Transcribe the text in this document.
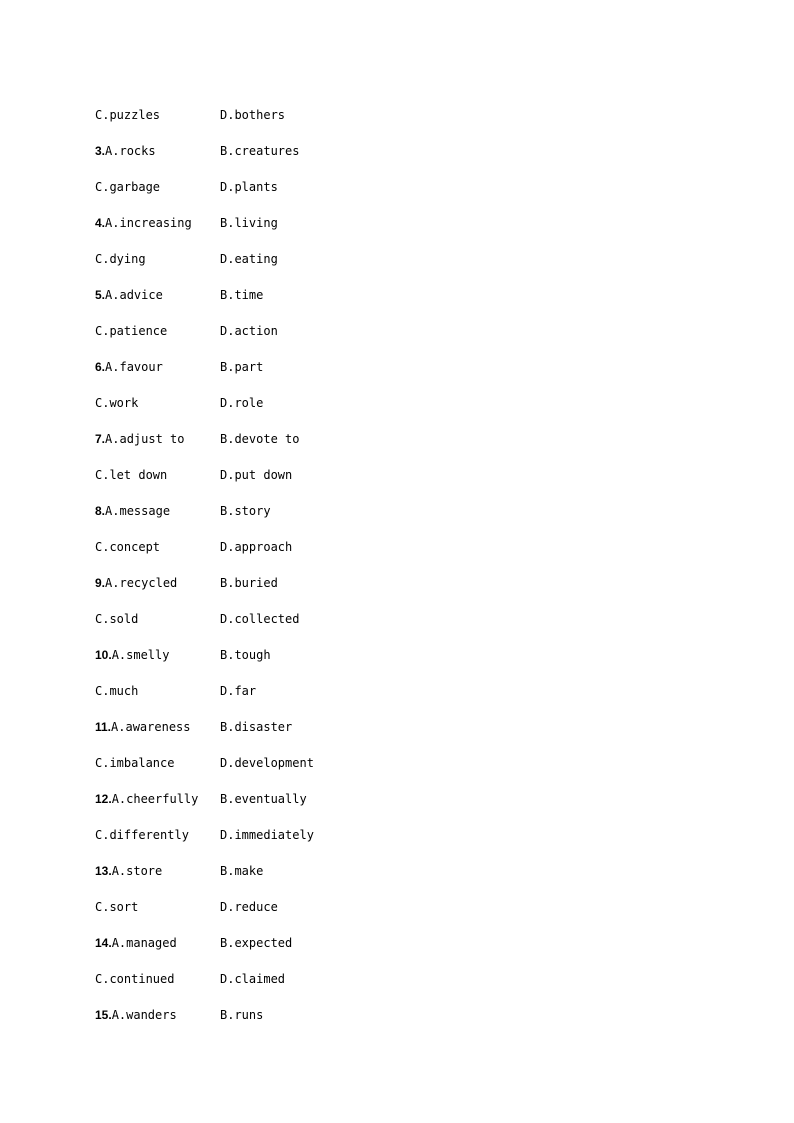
C.puzzles	D.bothers
3.A.rocks	B.creatures
C.garbage	D.plants
4.A.increasing	B.living
C.dying	D.eating
5.A.advice	B.time
C.patience	D.action
6.A.favour	B.part
C.work	D.role
7.A.adjust to	B.devote to
C.let down	D.put down
8.A.message	B.story
C.concept	D.approach
9.A.recycled	B.buried
C.sold	D.collected
10.A.smelly	B.tough
C.much	D.far
11.A.awareness	B.disaster
C.imbalance	D.development
12.A.cheerfully	B.eventually
C.differently	D.immediately
13.A.store	B.make
C.sort	D.reduce
14.A.managed	B.expected
C.continued	D.claimed
15.A.wanders	B.runs
